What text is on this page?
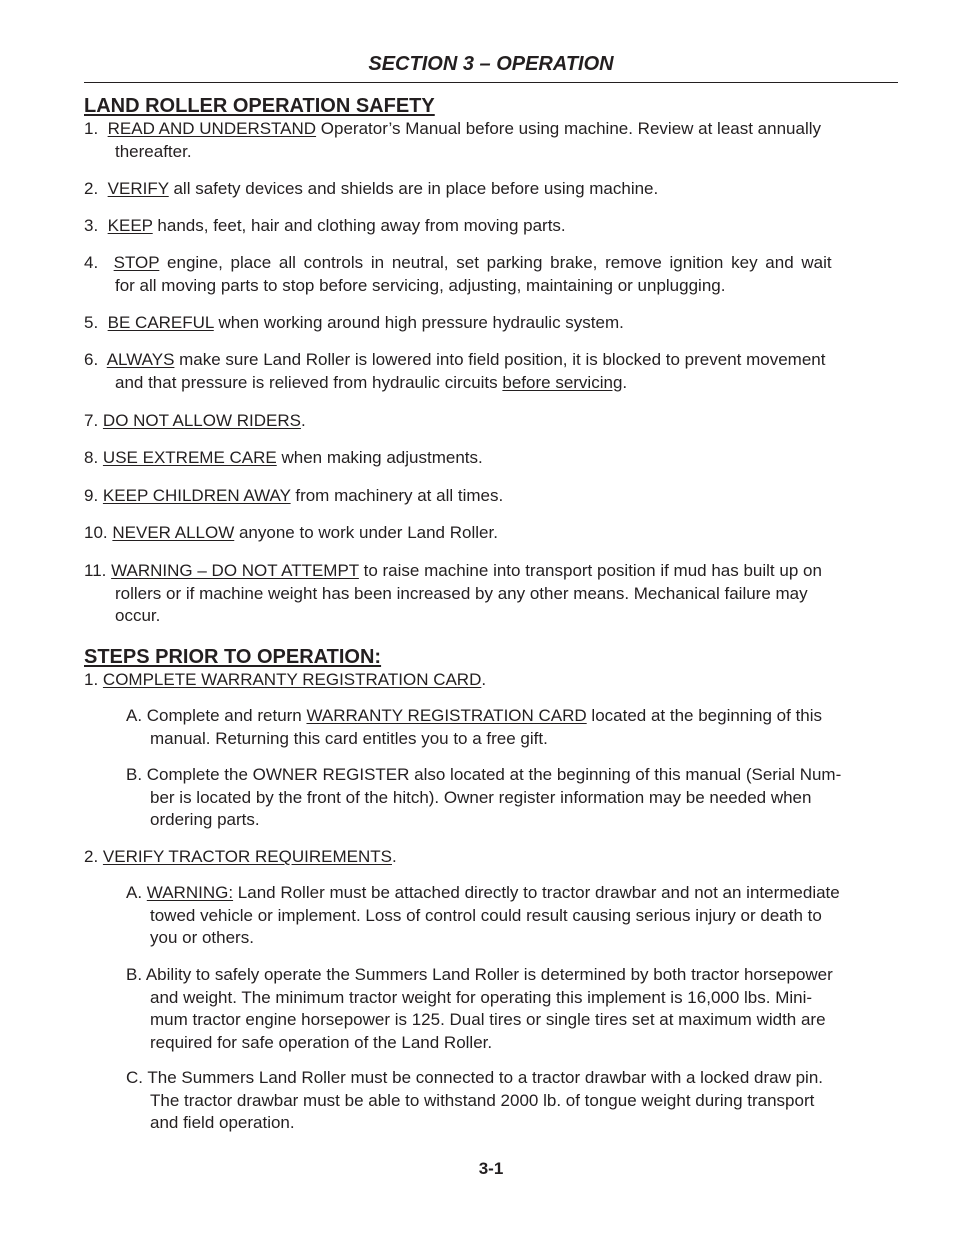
SECTION 3 – OPERATION
LAND ROLLER OPERATION SAFETY
1. READ AND UNDERSTAND Operator’s Manual before using machine. Review at least annually
thereafter.
2. VERIFY all safety devices and shields are in place before using machine.
3. KEEP hands, feet, hair and clothing away from moving parts.
4. STOP engine, place all controls in neutral, set parking brake, remove ignition key and wait
for all moving parts to stop before servicing, adjusting, maintaining or unplugging.
5. BE CAREFUL when working around high pressure hydraulic system.
6. ALWAYS make sure Land Roller is lowered into field position, it is blocked to prevent movement
and that pressure is relieved from hydraulic circuits before servicing.
7. DO NOT ALLOW RIDERS.
8. USE EXTREME CARE when making adjustments.
9. KEEP CHILDREN AWAY from machinery at all times.
10. NEVER ALLOW anyone to work under Land Roller.
11. WARNING – DO NOT ATTEMPT to raise machine into transport position if mud has built up on
rollers or if machine weight has been increased by any other means. Mechanical failure may
occur.
STEPS PRIOR TO OPERATION:
1. COMPLETE WARRANTY REGISTRATION CARD.
A. Complete and return WARRANTY REGISTRATION CARD located at the beginning of this
manual. Returning this card entitles you to a free gift.
B. Complete the OWNER REGISTER also located at the beginning of this manual (Serial Num-
ber is located by the front of the hitch). Owner register information may be needed when
ordering parts.
2. VERIFY TRACTOR REQUIREMENTS.
A. WARNING: Land Roller must be attached directly to tractor drawbar and not an intermediate
towed vehicle or implement. Loss of control could result causing serious injury or death to
you or others.
B. Ability to safely operate the Summers Land Roller is determined by both tractor horsepower
and weight. The minimum tractor weight for operating this implement is 16,000 lbs. Mini-
mum tractor engine horsepower is 125. Dual tires or single tires set at maximum width are
required for safe operation of the Land Roller.
C. The Summers Land Roller must be connected to a tractor drawbar with a locked draw pin.
The tractor drawbar must be able to withstand 2000 lb. of tongue weight during transport
and field operation.
3-1
